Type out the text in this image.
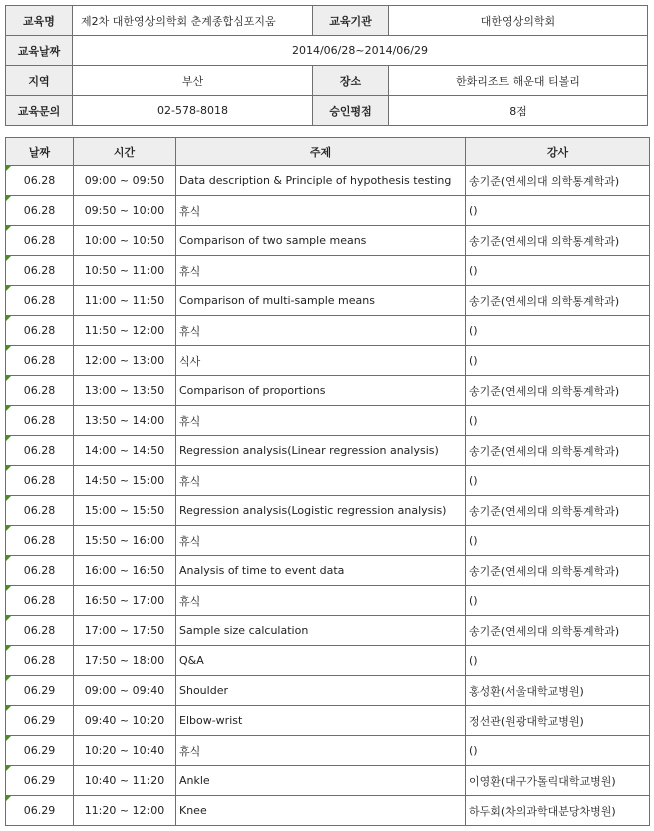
교육명	제2차 대한영상의학회 춘계종합심포지움	교육기관	대한영상의학회
교육날짜	2014/06/28~2014/06/29		
지역	부산	장소	한화리조트 해운대 티볼리
교육문의	02-578-8018	승인평점	8점
날짜	시간	주제	강사
06.28	09:00 ~ 09:50	Data description & Principle of hypothesis testing	송기준(연세의대 의학통계학과)
06.28	09:50 ~ 10:00	휴식	()
06.28	10:00 ~ 10:50	Comparison of two sample means	송기준(연세의대 의학통계학과)
06.28	10:50 ~ 11:00	휴식	()
06.28	11:00 ~ 11:50	Comparison of multi-sample means	송기준(연세의대 의학통계학과)
06.28	11:50 ~ 12:00	휴식	()
06.28	12:00 ~ 13:00	식사	()
06.28	13:00 ~ 13:50	Comparison of proportions	송기준(연세의대 의학통계학과)
06.28	13:50 ~ 14:00	휴식	()
06.28	14:00 ~ 14:50	Regression analysis(Linear regression analysis)	송기준(연세의대 의학통계학과)
06.28	14:50 ~ 15:00	휴식	()
06.28	15:00 ~ 15:50	Regression analysis(Logistic regression analysis)	송기준(연세의대 의학통계학과)
06.28	15:50 ~ 16:00	휴식	()
06.28	16:00 ~ 16:50	Analysis of time to event data	송기준(연세의대 의학통계학과)
06.28	16:50 ~ 17:00	휴식	()
06.28	17:00 ~ 17:50	Sample size calculation	송기준(연세의대 의학통계학과)
06.28	17:50 ~ 18:00	Q&A	()
06.29	09:00 ~ 09:40	Shoulder	홍성환(서울대학교병원)
06.29	09:40 ~ 10:20	Elbow-wrist	정선관(원광대학교병원)
06.29	10:20 ~ 10:40	휴식	()
06.29	10:40 ~ 11:20	Ankle	이영환(대구가톨릭대학교병원)
06.29	11:20 ~ 12:00	Knee	하두회(차의과학대분당차병원)
